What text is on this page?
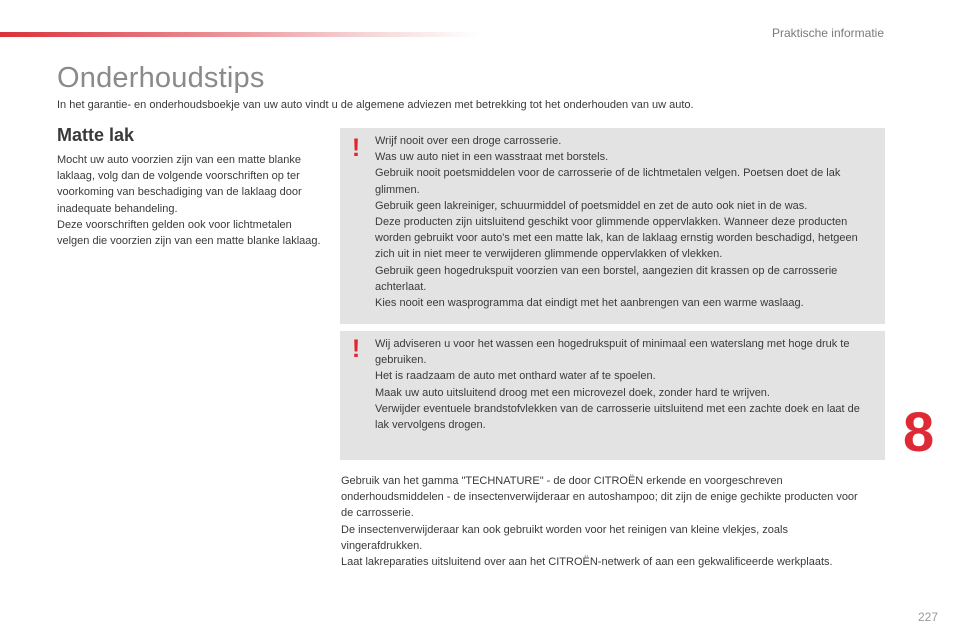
Praktische informatie
Onderhoudstips
In het garantie- en onderhoudsboekje van uw auto vindt u de algemene adviezen met betrekking tot het onderhouden van uw auto.
Matte lak

Mocht uw auto voorzien zijn van een matte blanke laklaag, volg dan de volgende voorschriften op ter voorkoming van beschadiging van de laklaag door inadequate behandeling.

Deze voorschriften gelden ook voor lichtmetalen velgen die voorzien zijn van een matte blanke laklaag.

! Wrijf nooit over een droge carrosserie.

Was uw auto niet in een wasstraat met borstels.

Gebruik nooit poetsmiddelen voor de carrosserie of de lichtmetalen velgen. Poetsen doet de lak glimmen.

Gebruik geen lakreiniger, schuurmiddel of poetsmiddel en zet de auto ook niet in de was.

Deze producten zijn uitsluitend geschikt voor glimmende oppervlakken. Wanneer deze producten worden gebruikt voor auto's met een matte lak, kan de laklaag ernstig worden beschadigd, hetgeen zich uit in niet meer te verwijderen glimmende oppervlakken of vlekken.

Gebruik geen hogedrukspuit voorzien van een borstel, aangezien dit krassen op de carrosserie achterlaat.

Kies nooit een wasprogramma dat eindigt met het aanbrengen van een warme waslaag.

! Wij adviseren u voor het wassen een hogedrukspuit of minimaal een waterslang met hoge druk te gebruiken.

Het is raadzaam de auto met onthard water af te spoelen.

Maak uw auto uitsluitend droog met een microvezel doek, zonder hard te wrijven.

Verwijder eventuele brandstofvlekken van de carrosserie uitsluitend met een zachte doek en laat de lak vervolgens drogen.

Gebruik van het gamma "TECHNATURE" - de door CITROËN erkende en voorgeschreven onderhoudsmiddelen - de insectenverwijderaar en autoshampoo; dit zijn de enige gechikte producten voor de carrosserie.

De insectenverwijderaar kan ook gebruikt worden voor het reinigen van kleine vlekjes, zoals vingerafdrukken.

Laat lakreparaties uitsluitend over aan het CITROËN-netwerk of aan een gekwalificeerde werkplaats.

8
227
